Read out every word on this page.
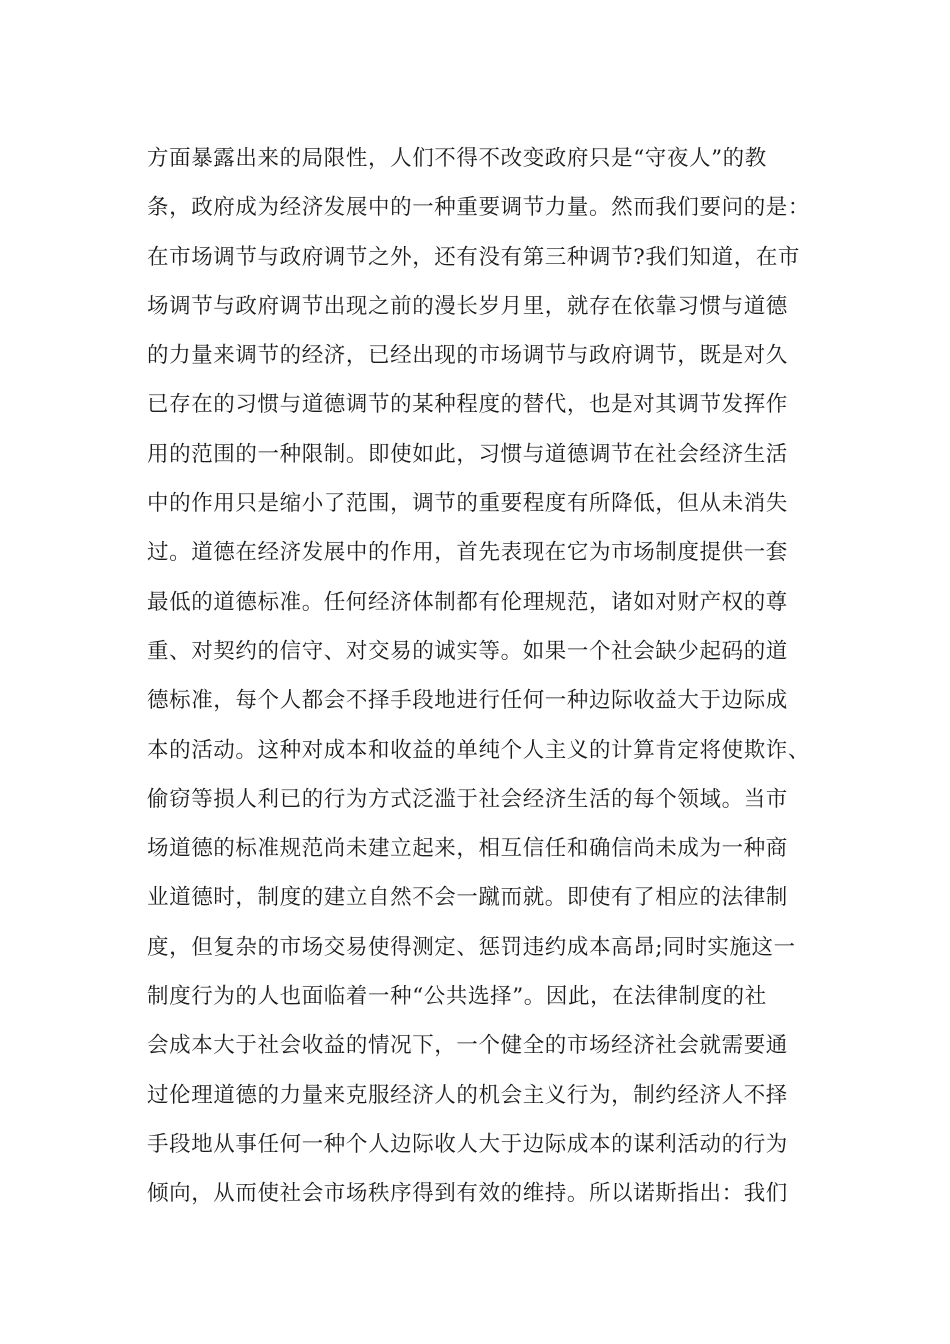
方面暴露出来的局限性，人们不得不改变政府只是“守夜人”的教
条，政府成为经济发展中的一种重要调节力量。然而我们要问的是：
在市场调节与政府调节之外，还有没有第三种调节?我们知道，在市
场调节与政府调节出现之前的漫长岁月里，就存在依靠习惯与道德
的力量来调节的经济，已经出现的市场调节与政府调节，既是对久
已存在的习惯与道德调节的某种程度的替代，也是对其调节发挥作
用的范围的一种限制。即使如此，习惯与道德调节在社会经济生活
中的作用只是缩小了范围，调节的重要程度有所降低，但从未消失
过。道德在经济发展中的作用，首先表现在它为市场制度提供一套
最低的道德标准。任何经济体制都有伦理规范，诸如对财产权的尊
重、对契约的信守、对交易的诚实等。如果一个社会缺少起码的道
德标准，每个人都会不择手段地进行任何一种边际收益大于边际成
本的活动。这种对成本和收益的单纯个人主义的计算肯定将使欺诈、
偷窃等损人利已的行为方式泛滥于社会经济生活的每个领域。当市
场道德的标准规范尚未建立起来，相互信任和确信尚未成为一种商
业道德时，制度的建立自然不会一蹴而就。即使有了相应的法律制
度，但复杂的市场交易使得测定、惩罚违约成本高昂;同时实施这一
制度行为的人也面临着一种“公共选择”。因此，在法律制度的社
会成本大于社会收益的情况下，一个健全的市场经济社会就需要通
过伦理道德的力量来克服经济人的机会主义行为，制约经济人不择
手段地从事任何一种个人边际收人大于边际成本的谋利活动的行为
倾向，从而使社会市场秩序得到有效的维持。所以诺斯指出：我们
